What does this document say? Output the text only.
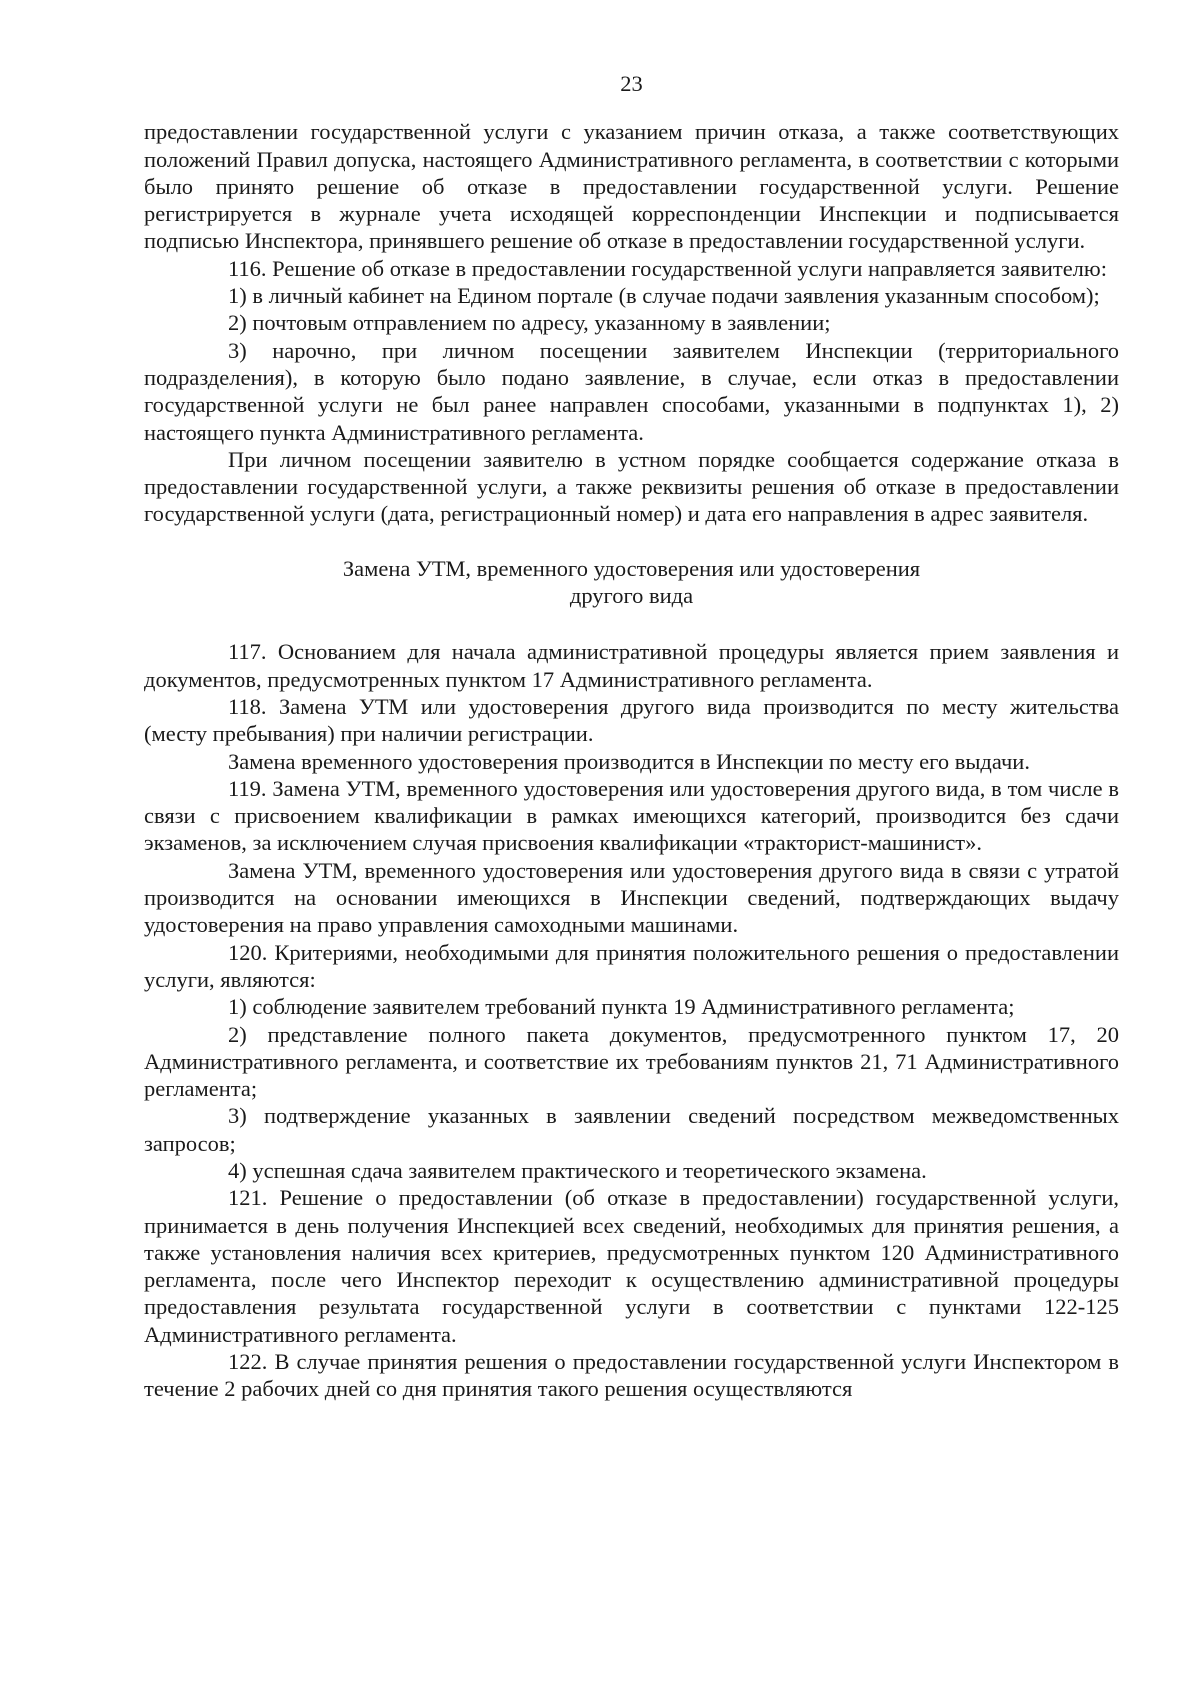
23

предоставлении государственной услуги с указанием причин отказа, а также соответствующих положений Правил допуска, настоящего Административного регламента, в соответствии с которыми было принято решение об отказе в предоставлении государственной услуги. Решение регистрируется в журнале учета исходящей корреспонденции Инспекции и подписывается подписью Инспектора, принявшего решение об отказе в предоставлении государственной услуги.

116. Решение об отказе в предоставлении государственной услуги направляется заявителю:

1) в личный кабинет на Едином портале (в случае подачи заявления указанным способом);

2) почтовым отправлением по адресу, указанному в заявлении;

3) нарочно, при личном посещении заявителем Инспекции (территориального подразделения), в которую было подано заявление, в случае, если отказ в предоставлении государственной услуги не был ранее направлен способами, указанными в подпунктах 1), 2) настоящего пункта Административного регламента.

При личном посещении заявителю в устном порядке сообщается содержание отказа в предоставлении государственной услуги, а также реквизиты решения об отказе в предоставлении государственной услуги (дата, регистрационный номер) и дата его направления в адрес заявителя.

Замена УТМ, временного удостоверения или удостоверения
другого вида

117. Основанием для начала административной процедуры является прием заявления и документов, предусмотренных пунктом 17 Административного регламента.

118. Замена УТМ или удостоверения другого вида производится по месту жительства (месту пребывания) при наличии регистрации.

Замена временного удостоверения производится в Инспекции по месту его выдачи.

119. Замена УТМ, временного удостоверения или удостоверения другого вида, в том числе в связи с присвоением квалификации в рамках имеющихся категорий, производится без сдачи экзаменов, за исключением случая присвоения квалификации «тракторист-машинист».

Замена УТМ, временного удостоверения или удостоверения другого вида в связи с утратой производится на основании имеющихся в Инспекции сведений, подтверждающих выдачу удостоверения на право управления самоходными машинами.

120. Критериями, необходимыми для принятия положительного решения о предоставлении услуги, являются:

1) соблюдение заявителем требований пункта 19 Административного регламента;

2) представление полного пакета документов, предусмотренного пунктом 17, 20 Административного регламента, и соответствие их требованиям пунктов 21, 71 Административного регламента;

3) подтверждение указанных в заявлении сведений посредством межведомственных запросов;

4) успешная сдача заявителем практического и теоретического экзамена.

121. Решение о предоставлении (об отказе в предоставлении) государственной услуги, принимается в день получения Инспекцией всех сведений, необходимых для принятия решения, а также установления наличия всех критериев, предусмотренных пунктом 120 Административного регламента, после чего Инспектор переходит к осуществлению административной процедуры предоставления результата государственной услуги в соответствии с пунктами 122-125 Административного регламента.

122. В случае принятия решения о предоставлении государственной услуги Инспектором в течение 2 рабочих дней со дня принятия такого решения осуществляются
